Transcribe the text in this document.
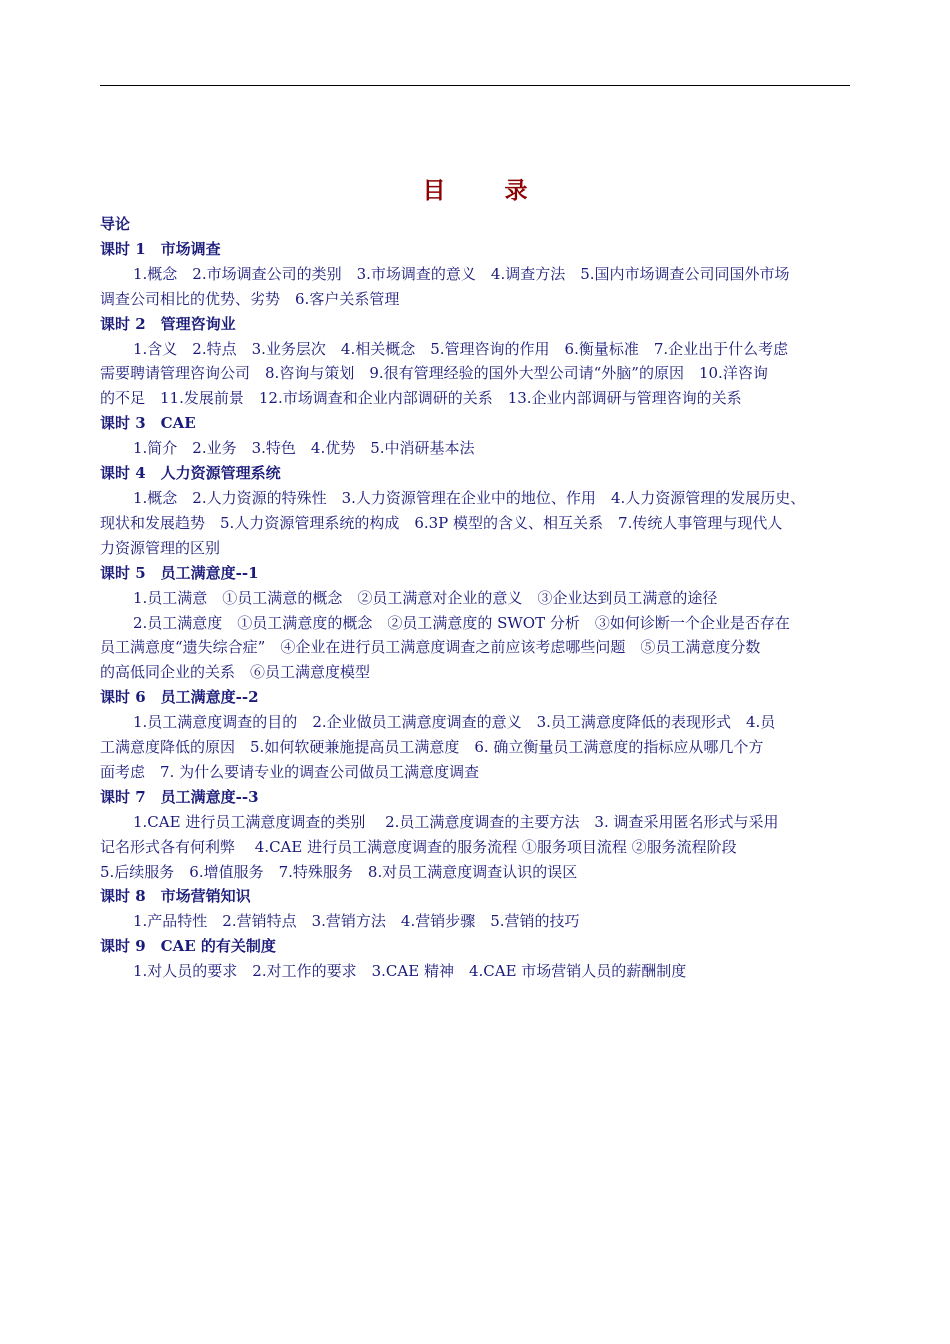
目　录
导论
课时 1　市场调查
1.概念　2.市场调查公司的类别　3.市场调查的意义　4.调查方法　5.国内市场调查公司同国外市场
调查公司相比的优势、劣势　6.客户关系管理
课时 2　管理咨询业
1.含义　2.特点　3.业务层次　4.相关概念　5.管理咨询的作用　6.衡量标准　7.企业出于什么考虑
需要聘请管理咨询公司　8.咨询与策划　9.很有管理经验的国外大型公司请“外脑”的原因　10.洋咨询
的不足　11.发展前景　12.市场调查和企业内部调研的关系　13.企业内部调研与管理咨询的关系
课时 3　CAE
1.简介　2.业务　3.特色　4.优势　5.中消研基本法
课时 4　人力资源管理系统
1.概念　2.人力资源的特殊性　3.人力资源管理在企业中的地位、作用　4.人力资源管理的发展历史、
现状和发展趋势　5.人力资源管理系统的构成　6.3P 模型的含义、相互关系　7.传统人事管理与现代人
力资源管理的区别
课时 5　员工满意度--1
1.员工满意　①员工满意的概念　②员工满意对企业的意义　③企业达到员工满意的途径
2.员工满意度　①员工满意度的概念　②员工满意度的 SWOT 分析　③如何诊断一个企业是否存在
员工满意度“遗失综合症”　④企业在进行员工满意度调查之前应该考虑哪些问题　⑤员工满意度分数
的高低同企业的关系　⑥员工满意度模型
课时 6　员工满意度--2
1.员工满意度调查的目的　2.企业做员工满意度调查的意义　3.员工满意度降低的表现形式　4.员
工满意度降低的原因　5.如何软硬兼施提高员工满意度　6. 确立衡量员工满意度的指标应从哪几个方
面考虑　7. 为什么要请专业的调查公司做员工满意度调查
课时 7　员工满意度--3
1.CAE 进行员工满意度调查的类别　 2.员工满意度调查的主要方法　3. 调查采用匿名形式与采用
记名形式各有何利弊　 4.CAE 进行员工满意度调查的服务流程 ①服务项目流程 ②服务流程阶段
5.后续服务　6.增值服务　7.特殊服务　8.对员工满意度调查认识的误区
课时 8　市场营销知识
1.产品特性　2.营销特点　3.营销方法　4.营销步骤　5.营销的技巧
课时 9　CAE 的有关制度
1.对人员的要求　2.对工作的要求　3.CAE 精神　4.CAE 市场营销人员的薪酬制度
